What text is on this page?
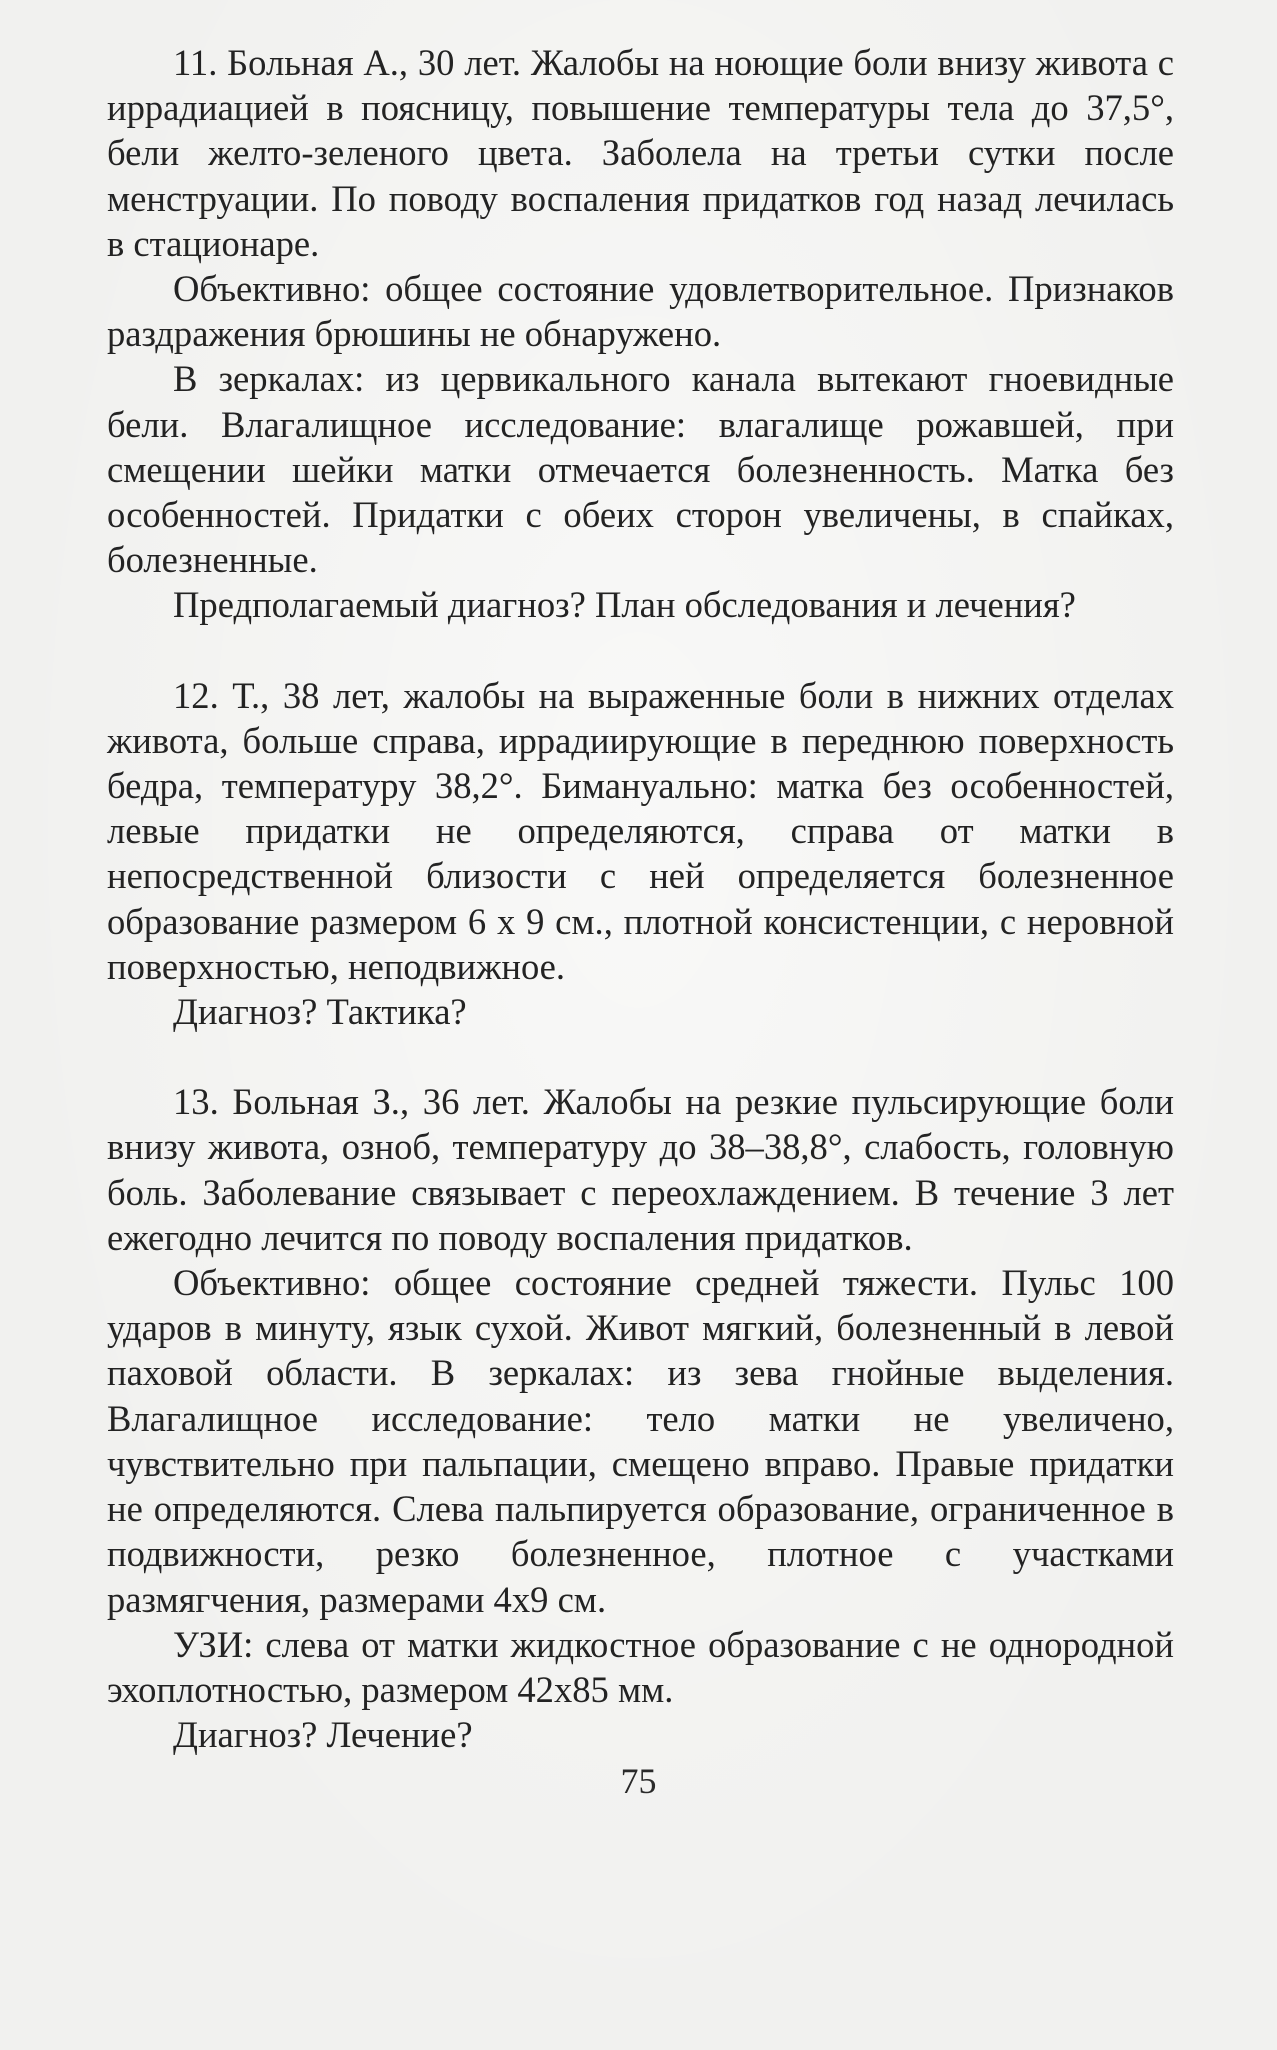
11. Больная А., 30 лет. Жалобы на ноющие боли внизу живота с иррадиацией в поясницу, повышение температуры тела до 37,5°, бели желто-зеленого цвета. Заболела на третьи сутки после менструации. По поводу воспаления придатков год назад лечилась в стационаре.

Объективно: общее состояние удовлетворительное. Признаков раздражения брюшины не обнаружено.

В зеркалах: из цервикального канала вытекают гноевидные бели. Влагалищное исследование: влагалище рожавшей, при смещении шейки матки отмечается болезненность. Матка без особенностей. Придатки с обеих сторон увеличены, в спайках, болезненные.

Предполагаемый диагноз? План обследования и лечения?

12. Т., 38 лет, жалобы на выраженные боли в нижних отделах живота, больше справа, иррадиирующие в переднюю поверхность бедра, температуру 38,2°. Бимануально: матка без особенностей, левые придатки не определяются, справа от матки в непосредственной близости с ней определяется болезненное образование размером 6 х 9 см., плотной консистенции, с неровной поверхностью, неподвижное.

Диагноз? Тактика?

13. Больная З., 36 лет. Жалобы на резкие пульсирующие боли внизу живота, озноб, температуру до 38–38,8°, слабость, головную боль. Заболевание связывает с переохлаждением. В течение 3 лет ежегодно лечится по поводу воспаления придатков.

Объективно: общее состояние средней тяжести. Пульс 100 ударов в минуту, язык сухой. Живот мягкий, болезненный в левой паховой области. В зеркалах: из зева гнойные выделения. Влагалищное исследование: тело матки не увеличено, чувствительно при пальпации, смещено вправо. Правые придатки не определяются. Слева пальпируется образование, ограниченное в подвижности, резко болезненное, плотное с участками размягчения, размерами 4х9 см.

УЗИ: слева от матки жидкостное образование с не однородной эхоплотностью, размером 42х85 мм.

Диагноз? Лечение?

75
